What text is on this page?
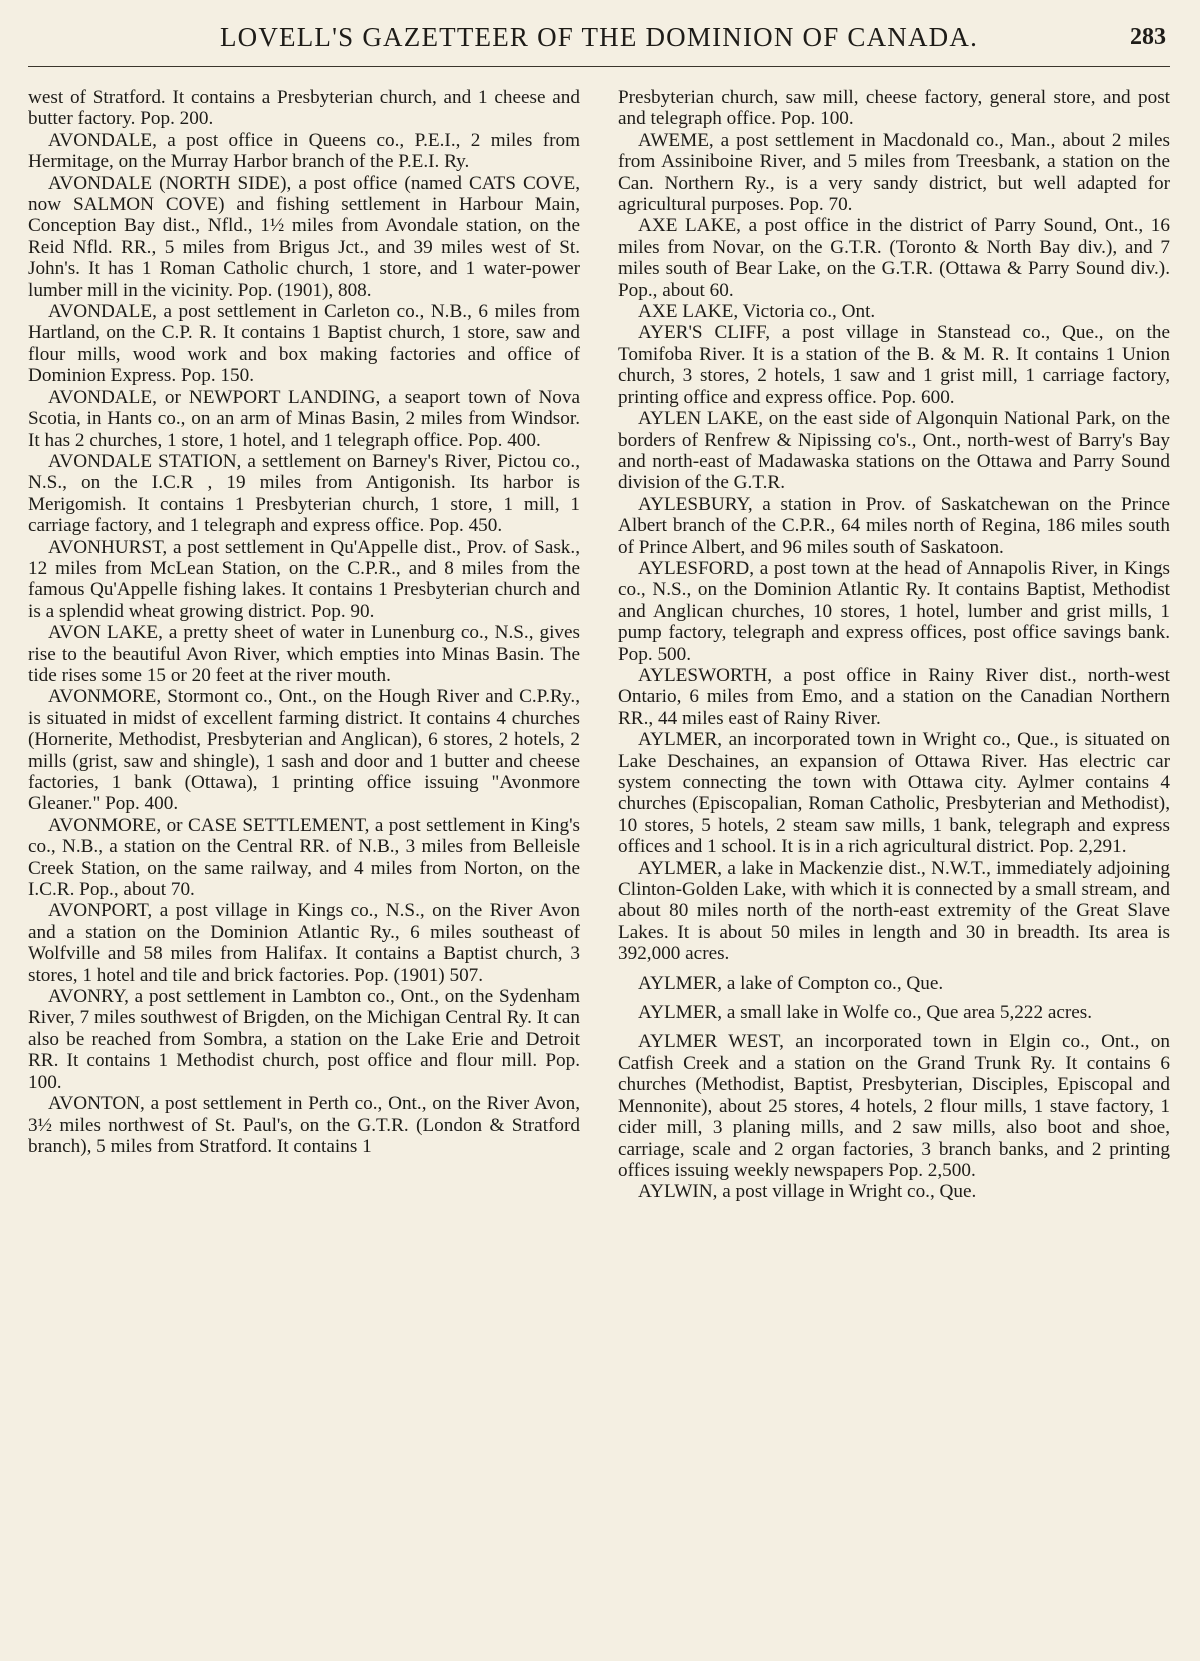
LOVELL'S GAZETTEER OF THE DOMINION OF CANADA.	283

west of Stratford. It contains a Presbyterian church, and 1 cheese and butter factory. Pop. 200.

AVONDALE, a post office in Queens co., P.E.I., 2 miles from Hermitage, on the Murray Harbor branch of the P.E.I. Ry.

AVONDALE (NORTH SIDE), a post office (named CATS COVE, now SALMON COVE) and fishing settlement in Harbour Main, Conception Bay dist., Nfld., 1½ miles from Avondale station, on the Reid Nfld. RR., 5 miles from Brigus Jct., and 39 miles west of St. John's. It has 1 Roman Catholic church, 1 store, and 1 water-power lumber mill in the vicinity. Pop. (1901), 808.

AVONDALE, a post settlement in Carleton co., N.B., 6 miles from Hartland, on the C.P. R. It contains 1 Baptist church, 1 store, saw and flour mills, wood work and box making factories and office of Dominion Express. Pop. 150.

AVONDALE, or NEWPORT LANDING, a seaport town of Nova Scotia, in Hants co., on an arm of Minas Basin, 2 miles from Windsor. It has 2 churches, 1 store, 1 hotel, and 1 telegraph office. Pop. 400.

AVONDALE STATION, a settlement on Barney's River, Pictou co., N.S., on the I.C.R , 19 miles from Antigonish. Its harbor is Merigomish. It contains 1 Presbyterian church, 1 store, 1 mill, 1 carriage factory, and 1 telegraph and express office. Pop. 450.

AVONHURST, a post settlement in Qu'Appelle dist., Prov. of Sask., 12 miles from McLean Station, on the C.P.R., and 8 miles from the famous Qu'Appelle fishing lakes. It contains 1 Presbyterian church and is a splendid wheat growing district. Pop. 90.

AVON LAKE, a pretty sheet of water in Lunenburg co., N.S., gives rise to the beautiful Avon River, which empties into Minas Basin. The tide rises some 15 or 20 feet at the river mouth.

AVONMORE, Stormont co., Ont., on the Hough River and C.P.Ry., is situated in midst of excellent farming district. It contains 4 churches (Hornerite, Methodist, Presbyterian and Anglican), 6 stores, 2 hotels, 2 mills (grist, saw and shingle), 1 sash and door and 1 butter and cheese factories, 1 bank (Ottawa), 1 printing office issuing "Avonmore Gleaner." Pop. 400.

AVONMORE, or CASE SETTLEMENT, a post settlement in King's co., N.B., a station on the Central RR. of N.B., 3 miles from Belleisle Creek Station, on the same railway, and 4 miles from Norton, on the I.C.R. Pop., about 70.

AVONPORT, a post village in Kings co., N.S., on the River Avon and a station on the Dominion Atlantic Ry., 6 miles southeast of Wolfville and 58 miles from Halifax. It contains a Baptist church, 3 stores, 1 hotel and tile and brick factories. Pop. (1901) 507.

AVONRY, a post settlement in Lambton co., Ont., on the Sydenham River, 7 miles southwest of Brigden, on the Michigan Central Ry. It can also be reached from Sombra, a station on the Lake Erie and Detroit RR. It contains 1 Methodist church, post office and flour mill. Pop. 100.

AVONTON, a post settlement in Perth co., Ont., on the River Avon, 3½ miles northwest of St. Paul's, on the G.T.R. (London & Stratford branch), 5 miles from Stratford. It contains 1

Presbyterian church, saw mill, cheese factory, general store, and post and telegraph office. Pop. 100.

AWEME, a post settlement in Macdonald co., Man., about 2 miles from Assiniboine River, and 5 miles from Treesbank, a station on the Can. Northern Ry., is a very sandy district, but well adapted for agricultural purposes. Pop. 70.

AXE LAKE, a post office in the district of Parry Sound, Ont., 16 miles from Novar, on the G.T.R. (Toronto & North Bay div.), and 7 miles south of Bear Lake, on the G.T.R. (Ottawa & Parry Sound div.). Pop., about 60.

AXE LAKE, Victoria co., Ont.

AYER'S CLIFF, a post village in Stanstead co., Que., on the Tomifoba River. It is a station of the B. & M. R. It contains 1 Union church, 3 stores, 2 hotels, 1 saw and 1 grist mill, 1 carriage factory, printing office and express office. Pop. 600.

AYLEN LAKE, on the east side of Algonquin National Park, on the borders of Renfrew & Nipissing co's., Ont., north-west of Barry's Bay and north-east of Madawaska stations on the Ottawa and Parry Sound division of the G.T.R.

AYLESBURY, a station in Prov. of Saskatchewan on the Prince Albert branch of the C.P.R., 64 miles north of Regina, 186 miles south of Prince Albert, and 96 miles south of Saskatoon.

AYLESFORD, a post town at the head of Annapolis River, in Kings co., N.S., on the Dominion Atlantic Ry. It contains Baptist, Methodist and Anglican churches, 10 stores, 1 hotel, lumber and grist mills, 1 pump factory, telegraph and express offices, post office savings bank. Pop. 500.

AYLESWORTH, a post office in Rainy River dist., north-west Ontario, 6 miles from Emo, and a station on the Canadian Northern RR., 44 miles east of Rainy River.

AYLMER, an incorporated town in Wright co., Que., is situated on Lake Deschaines, an expansion of Ottawa River. Has electric car system connecting the town with Ottawa city. Aylmer contains 4 churches (Episcopalian, Roman Catholic, Presbyterian and Methodist), 10 stores, 5 hotels, 2 steam saw mills, 1 bank, telegraph and express offices and 1 school. It is in a rich agricultural district. Pop. 2,291.

AYLMER, a lake in Mackenzie dist., N.W.T., immediately adjoining Clinton-Golden Lake, with which it is connected by a small stream, and about 80 miles north of the north-east extremity of the Great Slave Lakes. It is about 50 miles in length and 30 in breadth. Its area is 392,000 acres.

AYLMER, a lake of Compton co., Que.

AYLMER, a small lake in Wolfe co., Que area 5,222 acres.

AYLMER WEST, an incorporated town in Elgin co., Ont., on Catfish Creek and a station on the Grand Trunk Ry. It contains 6 churches (Methodist, Baptist, Presbyterian, Disciples, Episcopal and Mennonite), about 25 stores, 4 hotels, 2 flour mills, 1 stave factory, 1 cider mill, 3 planing mills, and 2 saw mills, also boot and shoe, carriage, scale and 2 organ factories, 3 branch banks, and 2 printing offices issuing weekly newspapers Pop. 2,500.

AYLWIN, a post village in Wright co., Que.
